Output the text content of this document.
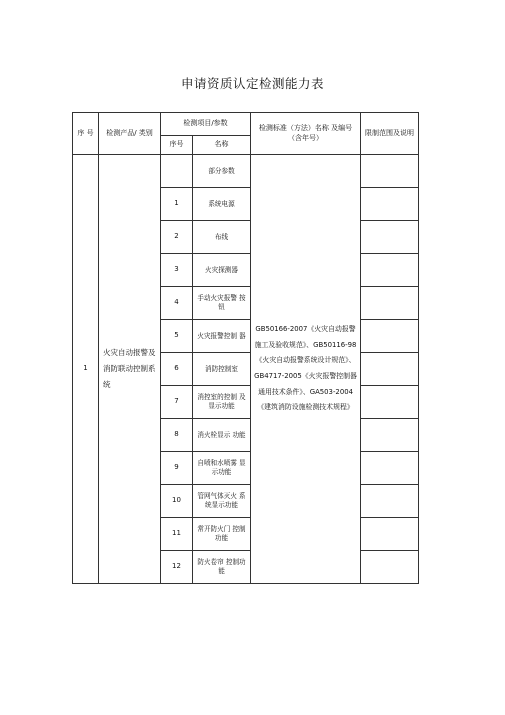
申请资质认定检测能力表
序 号	检测产品/ 类别	检测项目/参数		检测标准（方法）名称 及编号（含年号）	限制范围及说明
		序号	名称		
1	火灾自动报警及消防联动控制系统		部分参数	GB50166-2007《火灾自动报警施工及验收规范》、GB50116-98《火灾自动报警系统设计规范》、GB4717-2005《火灾报警控制器通用技术条件》、GA503-2004《建筑消防设施检测技术规程》	
		1	系统电源		
		2	布线		
		3	火灾探测器		
		4	手动火灾报警 按钮		
		5	火灾报警控制 器		
		6	消防控制室		
		7	消控室的控制 及显示功能		
		8	消火栓显示 功能		
		9	自喷和水喷雾 显示功能		
		10	管网气体灭火 系统显示功能		
		11	常开防火门 控制功能		
		12	防火卷帘 控制功能		
